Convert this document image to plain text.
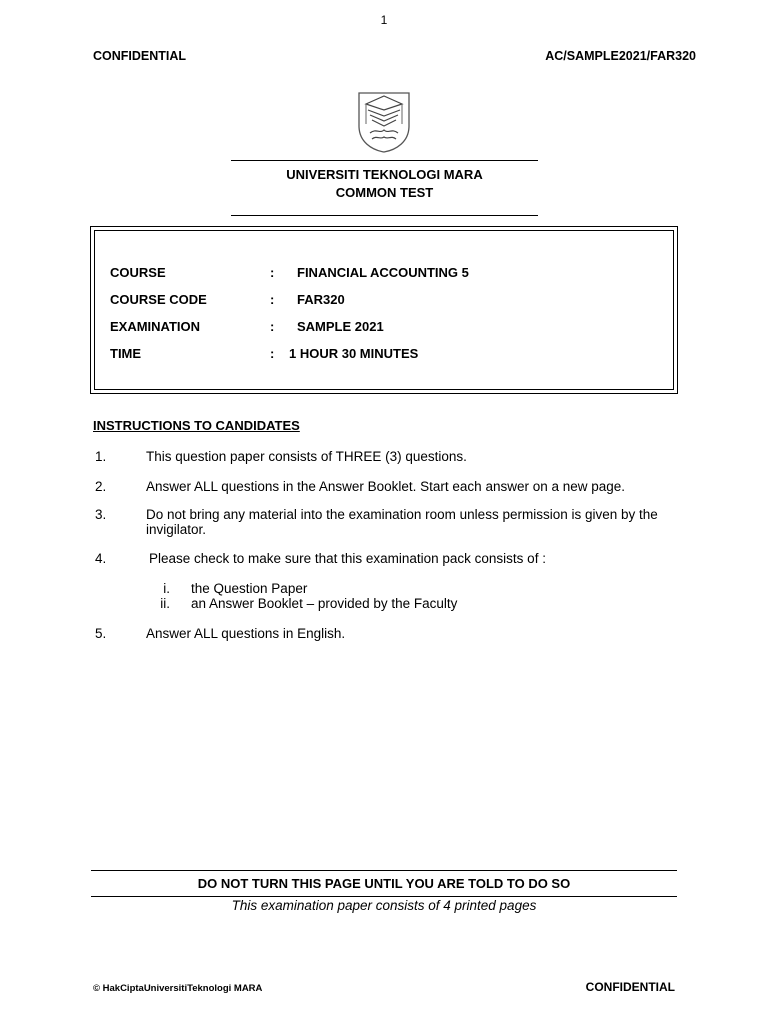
1
CONFIDENTIAL	AC/SAMPLE2021/FAR320
UNIVERSITI TEKNOLOGI MARA
COMMON TEST
COURSE	: FINANCIAL ACCOUNTING 5
COURSE CODE	: FAR320
EXAMINATION	: SAMPLE 2021
TIME	: 1 HOUR 30 MINUTES
INSTRUCTIONS TO CANDIDATES
1.	This question paper consists of THREE (3) questions.
2.	Answer ALL questions in the Answer Booklet. Start each answer on a new page.
3.	Do not bring any material into the examination room unless permission is given by the invigilator.
4.	Please check to make sure that this examination pack consists of :
i. the Question Paper
ii. an Answer Booklet – provided by the Faculty
5.	Answer ALL questions in English.
DO NOT TURN THIS PAGE UNTIL YOU ARE TOLD TO DO SO
This examination paper consists of 4 printed pages
© HakCiptaUniversitiTeknologi MARA	CONFIDENTIAL
